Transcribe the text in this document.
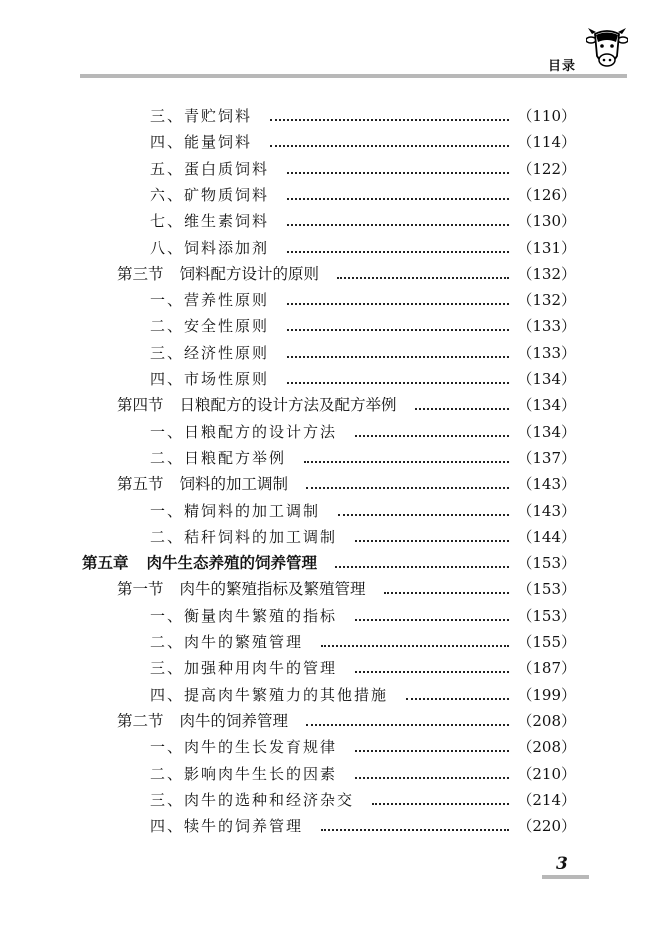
目录
三、青贮饲料	（110）
四、能量饲料	（114）
五、蛋白质饲料	（122）
六、矿物质饲料	（126）
七、维生素饲料	（130）
八、饲料添加剂	（131）
第三节 饲料配方设计的原则	（132）
一、营养性原则	（132）
二、安全性原则	（133）
三、经济性原则	（133）
四、市场性原则	（134）
第四节 日粮配方的设计方法及配方举例	（134）
一、日粮配方的设计方法	（134）
二、日粮配方举例	（137）
第五节 饲料的加工调制	（143）
一、精饲料的加工调制	（143）
二、秸秆饲料的加工调制	（144）
第五章 肉牛生态养殖的饲养管理	（153）
第一节 肉牛的繁殖指标及繁殖管理	（153）
一、衡量肉牛繁殖的指标	（153）
二、肉牛的繁殖管理	（155）
三、加强种用肉牛的管理	（187）
四、提高肉牛繁殖力的其他措施	（199）
第二节 肉牛的饲养管理	（208）
一、肉牛的生长发育规律	（208）
二、影响肉牛生长的因素	（210）
三、肉牛的选种和经济杂交	（214）
四、犊牛的饲养管理	（220）
3
